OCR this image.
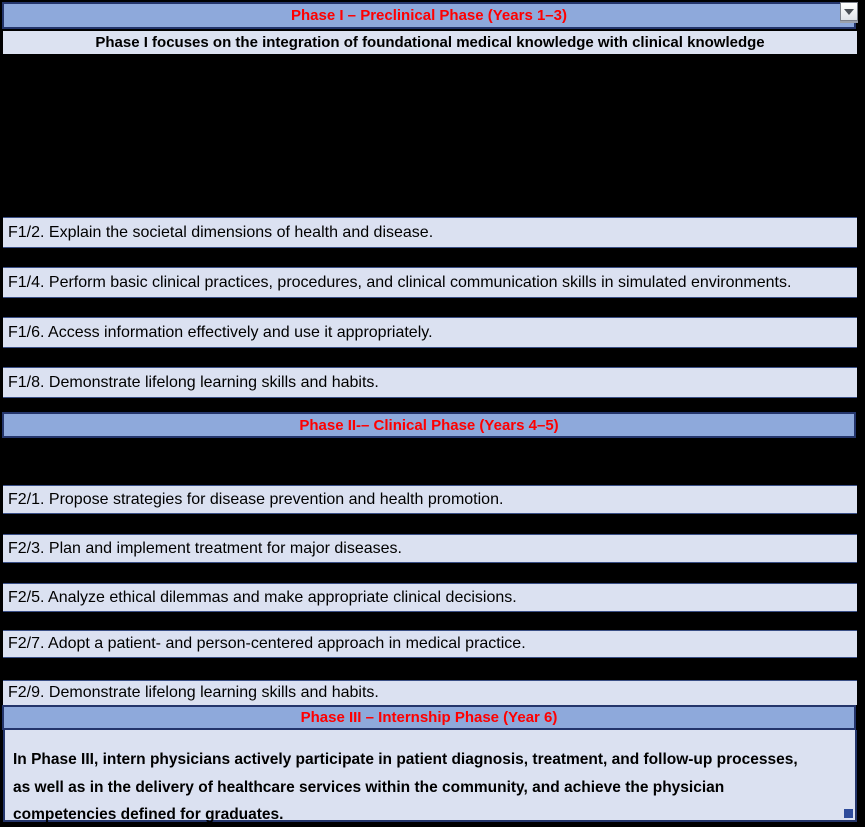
Phase I – Preclinical Phase (Years 1–3)
Phase I focuses on the integration of foundational medical knowledge with clinical knowledge
F1/2. Explain the societal dimensions of health and disease.
F1/4. Perform basic clinical practices, procedures, and clinical communication skills in simulated environments.
F1/6. Access information effectively and use it appropriately.
F1/8. Demonstrate lifelong learning skills and habits.
Phase II-– Clinical Phase (Years 4–5)
F2/1. Propose strategies for disease prevention and health promotion.
F2/3. Plan and implement treatment for major diseases.
F2/5. Analyze ethical dilemmas and make appropriate clinical decisions.
F2/7. Adopt a patient- and person-centered approach in medical practice.
F2/9. Demonstrate lifelong learning skills and habits.
Phase III – Internship Phase (Year 6)
In Phase III, intern physicians actively participate in patient diagnosis, treatment, and follow-up processes,
as well as in the delivery of healthcare services within the community, and achieve the physician
competencies defined for graduates.
